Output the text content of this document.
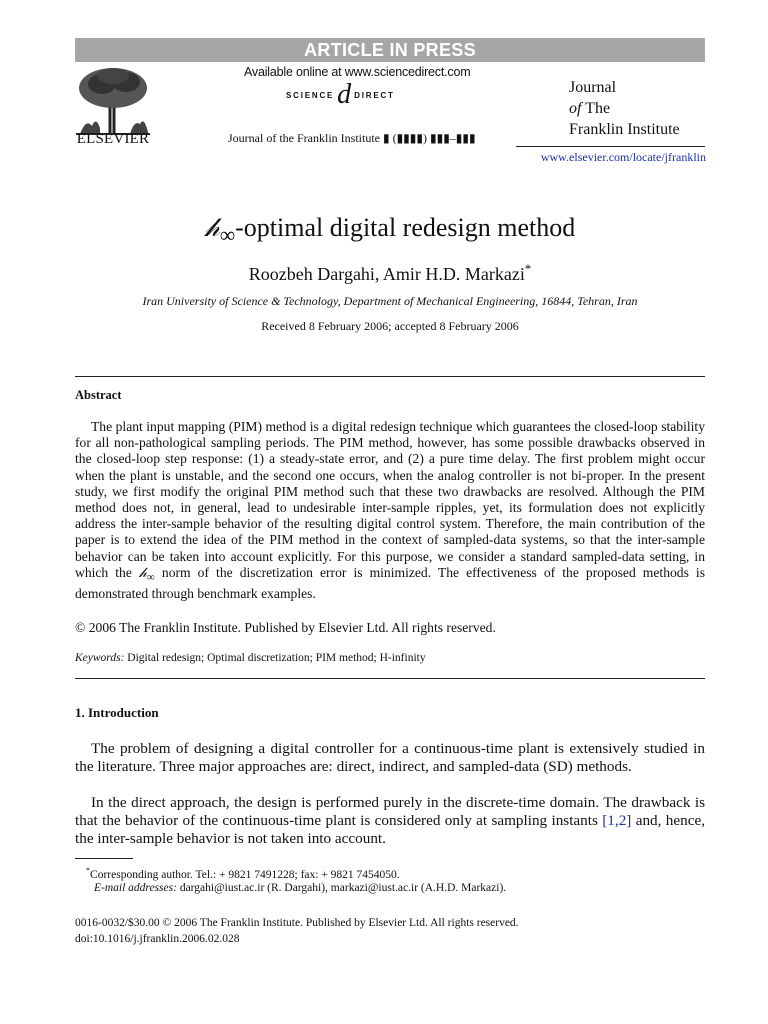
ARTICLE IN PRESS
ELSEVIER
Available online at www.sciencedirect.com
SCIENCE d DIRECT
Journal of the Franklin Institute ▮ (▮▮▮▮) ▮▮▮–▮▮▮
Journal
of The
Franklin Institute
www.elsevier.com/locate/jfranklin
𝒽$_\infty$-optimal digital redesign method
Roozbeh Dargahi, Amir H.D. Markazi*
Iran University of Science & Technology, Department of Mechanical Engineering, 16844, Tehran, Iran
Received 8 February 2006; accepted 8 February 2006
Abstract
The plant input mapping (PIM) method is a digital redesign technique which guarantees the closed-loop stability for all non-pathological sampling periods. The PIM method, however, has some possible drawbacks observed in the closed-loop step response: (1) a steady-state error, and (2) a pure time delay. The first problem might occur when the plant is unstable, and the second one occurs, when the analog controller is not bi-proper. In the present study, we first modify the original PIM method such that these two drawbacks are resolved. Although the PIM method does not, in general, lead to undesirable inter-sample ripples, yet, its formulation does not explicitly address the inter-sample behavior of the resulting digital control system. Therefore, the main contribution of the paper is to extend the idea of the PIM method in the context of sampled-data systems, so that the inter-sample behavior can be taken into account explicitly. For this purpose, we consider a standard sampled-data setting, in which the 𝒽$_\infty$ norm of the discretization error is minimized. The effectiveness of the proposed methods is demonstrated through benchmark examples.
© 2006 The Franklin Institute. Published by Elsevier Ltd. All rights reserved.
Keywords: Digital redesign; Optimal discretization; PIM method; H-infinity
1. Introduction
The problem of designing a digital controller for a continuous-time plant is extensively studied in the literature. Three major approaches are: direct, indirect, and sampled-data (SD) methods.
In the direct approach, the design is performed purely in the discrete-time domain. The drawback is that the behavior of the continuous-time plant is considered only at sampling instants [1,2] and, hence, the inter-sample behavior is not taken into account.
*Corresponding author. Tel.: + 9821 7491228; fax: + 9821 7454050.
E-mail addresses: dargahi@iust.ac.ir (R. Dargahi), markazi@iust.ac.ir (A.H.D. Markazi).
0016-0032/$30.00 © 2006 The Franklin Institute. Published by Elsevier Ltd. All rights reserved.
doi:10.1016/j.jfranklin.2006.02.028
